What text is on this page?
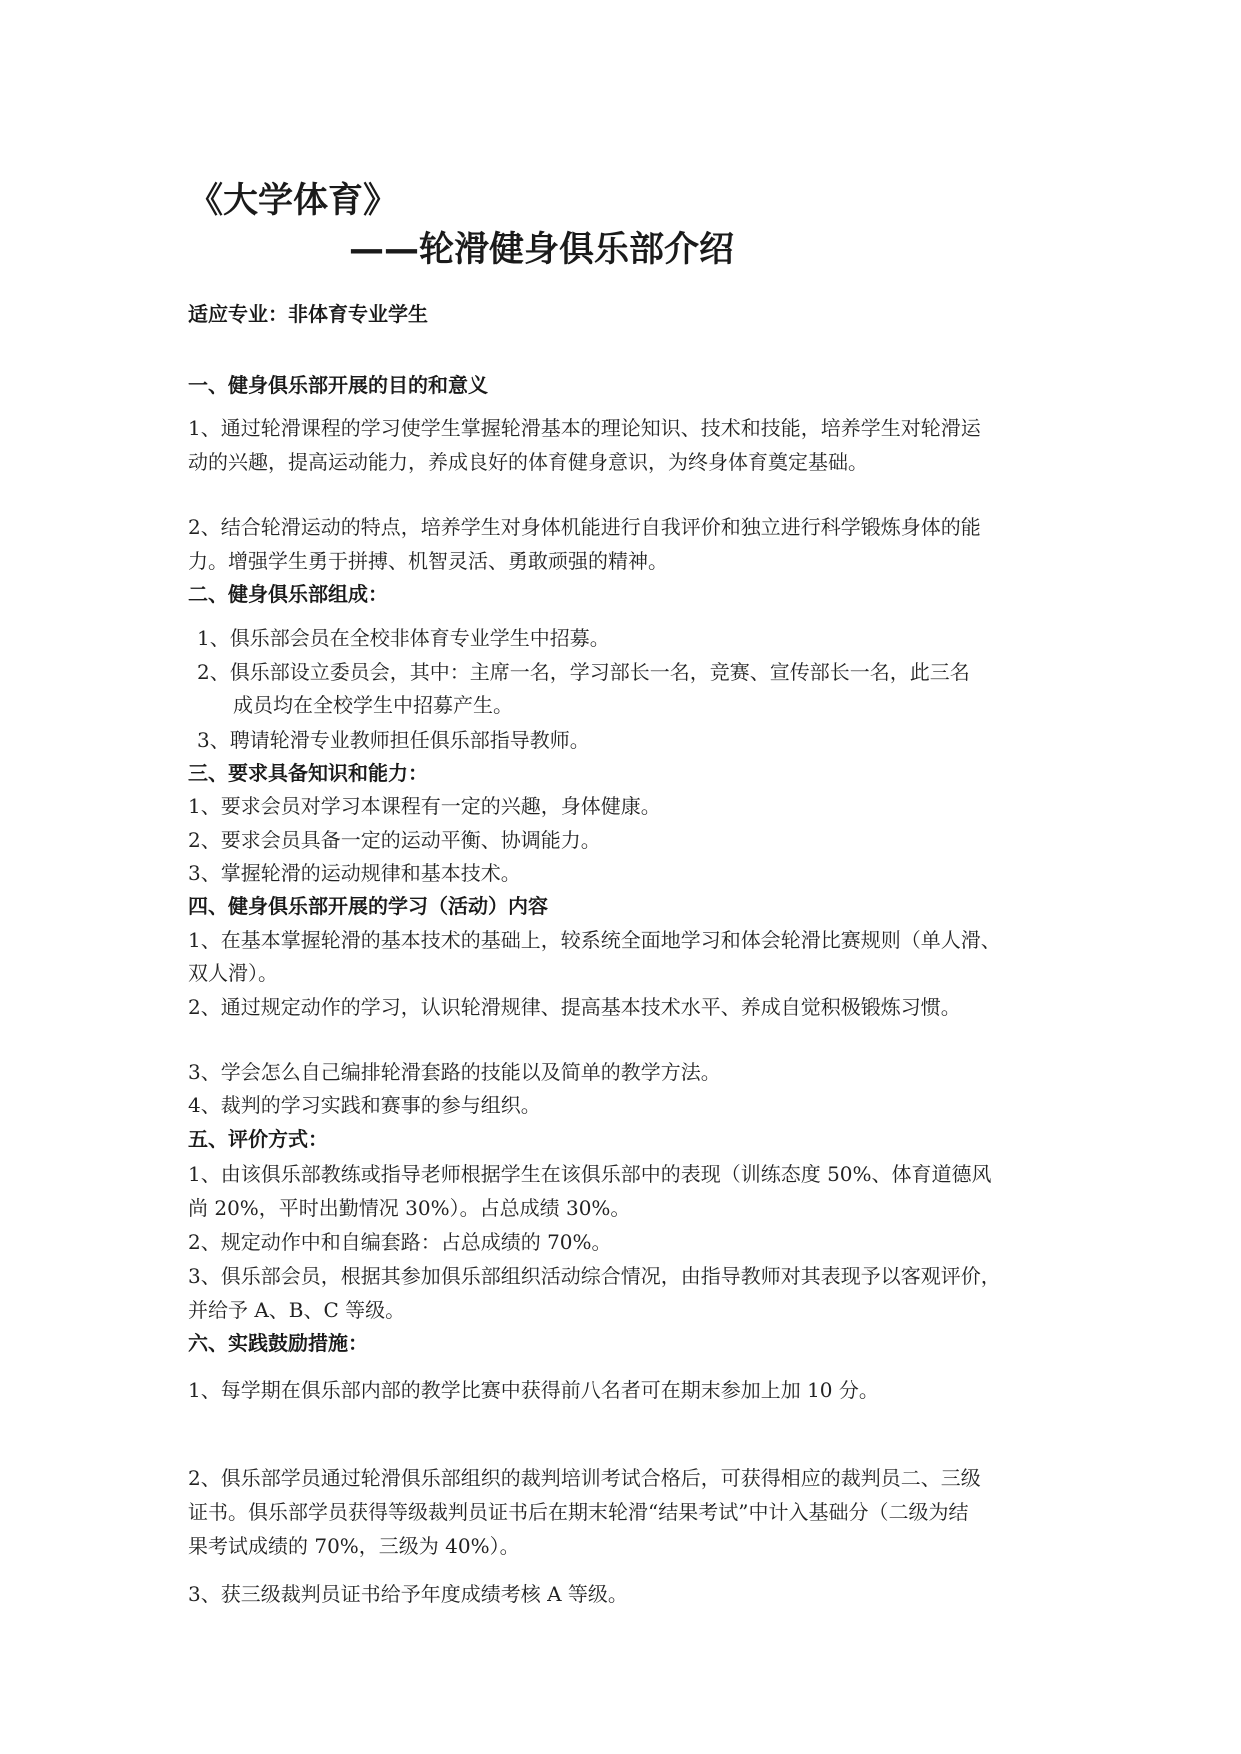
《大学体育》
——轮滑健身俱乐部介绍
适应专业：非体育专业学生
一、健身俱乐部开展的目的和意义
1、通过轮滑课程的学习使学生掌握轮滑基本的理论知识、技术和技能，培养学生对轮滑运
动的兴趣，提高运动能力，养成良好的体育健身意识，为终身体育奠定基础。
2、结合轮滑运动的特点，培养学生对身体机能进行自我评价和独立进行科学锻炼身体的能
力。增强学生勇于拼搏、机智灵活、勇敢顽强的精神。
二、健身俱乐部组成：
1、俱乐部会员在全校非体育专业学生中招募。
2、俱乐部设立委员会，其中：主席一名，学习部长一名，竞赛、宣传部长一名，此三名
成员均在全校学生中招募产生。
3、聘请轮滑专业教师担任俱乐部指导教师。
三、要求具备知识和能力：
1、要求会员对学习本课程有一定的兴趣，身体健康。
2、要求会员具备一定的运动平衡、协调能力。
3、掌握轮滑的运动规律和基本技术。
四、健身俱乐部开展的学习（活动）内容
1、在基本掌握轮滑的基本技术的基础上，较系统全面地学习和体会轮滑比赛规则（单人滑、
双人滑）。
2、通过规定动作的学习，认识轮滑规律、提高基本技术水平、养成自觉积极锻炼习惯。
3、学会怎么自己编排轮滑套路的技能以及简单的教学方法。
4、裁判的学习实践和赛事的参与组织。
五、评价方式：
1、由该俱乐部教练或指导老师根据学生在该俱乐部中的表现（训练态度 50%、体育道德风
尚 20%，平时出勤情况 30%）。占总成绩 30%。
2、规定动作中和自编套路：占总成绩的 70%。
3、俱乐部会员，根据其参加俱乐部组织活动综合情况，由指导教师对其表现予以客观评价，
并给予 A、B、C 等级。
六、实践鼓励措施：
1、每学期在俱乐部内部的教学比赛中获得前八名者可在期末参加上加 10 分。
2、俱乐部学员通过轮滑俱乐部组织的裁判培训考试合格后，可获得相应的裁判员二、三级
证书。俱乐部学员获得等级裁判员证书后在期末轮滑“结果考试”中计入基础分（二级为结
果考试成绩的 70%，三级为 40%）。
3、获三级裁判员证书给予年度成绩考核 A 等级。
